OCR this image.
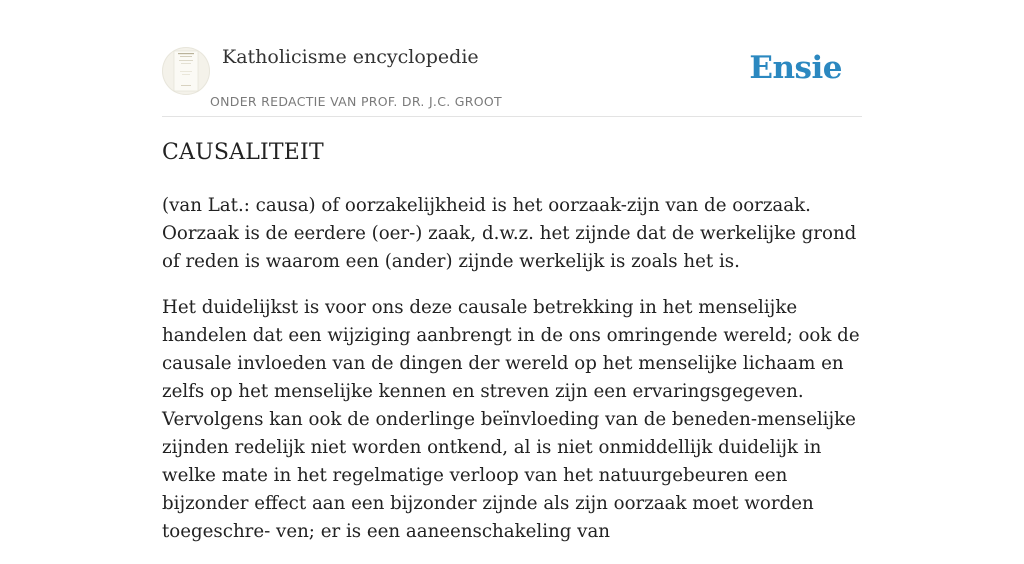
Katholicisme encyclopedie
ONDER REDACTIE VAN PROF. DR. J.C. GROOT
Ensie
CAUSALITEIT

(van Lat.: causa) of oorzakelijkheid is het oorzaak-zijn van de oorzaak. Oorzaak is de eerdere (oer-) zaak, d.w.z. het zijnde dat de werkelijke grond of reden is waarom een (ander) zijnde werkelijk is zoals het is.

Het duidelijkst is voor ons deze causale betrekking in het menselijke handelen dat een wijziging aanbrengt in de ons omringende wereld; ook de causale invloeden van de dingen der wereld op het menselijke lichaam en zelfs op het menselijke kennen en streven zijn een ervaringsgegeven. Vervolgens kan ook de onderlinge beïnvloeding van de beneden-menselijke zijnden redelijk niet worden ontkend, al is niet onmiddellijk duidelijk in welke mate in het regelmatige verloop van het natuurgebeuren een bijzonder effect aan een bijzonder zijnde als zijn oorzaak moet worden toegeschre- ven; er is een aaneenschakeling van
